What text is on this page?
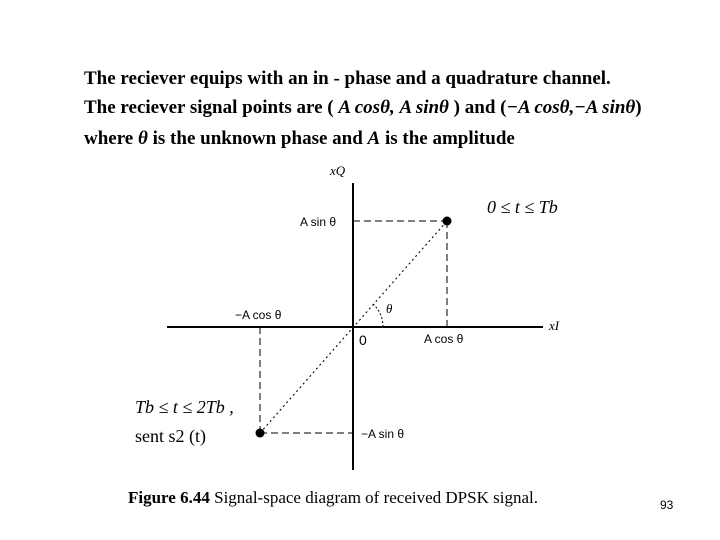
The reciever equips with an in - phase and a quadrature channel.
The reciever signal points are ( A cosθ, A sinθ ) and (−A cosθ,−A sinθ)
where θ is the unknown phase and A is the amplitude
xQ
xI
0
A sin θ
−A cos θ
A cos θ
−A sin θ
θ
0 ≤ t ≤ Tb
Tb ≤ t ≤ 2Tb ,
sent s2 (t)
Figure 6.44 Signal-space diagram of received DPSK signal.	93
